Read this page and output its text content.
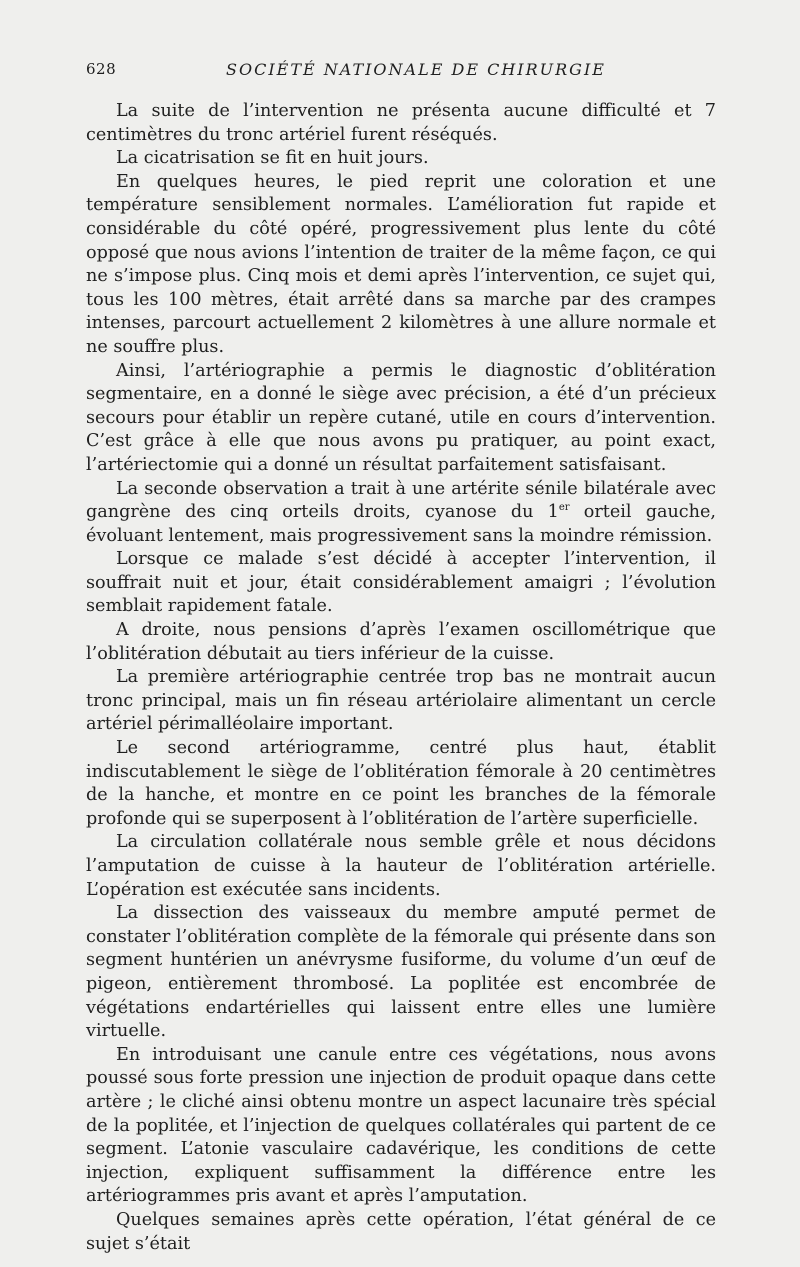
628	SOCIÉTÉ NATIONALE DE CHIRURGIE

La suite de l’intervention ne présenta aucune difficulté et 7 centimètres du tronc artériel furent réséqués.

La cicatrisation se fit en huit jours.

En quelques heures, le pied reprit une coloration et une température sensiblement normales. L’amélioration fut rapide et considérable du côté opéré, progressivement plus lente du côté opposé que nous avions l’intention de traiter de la même façon, ce qui ne s’impose plus. Cinq mois et demi après l’intervention, ce sujet qui, tous les 100 mètres, était arrêté dans sa marche par des crampes intenses, parcourt actuellement 2 kilomètres à une allure normale et ne souffre plus.

Ainsi, l’artériographie a permis le diagnostic d’oblitération segmentaire, en a donné le siège avec précision, a été d’un précieux secours pour établir un repère cutané, utile en cours d’intervention. C’est grâce à elle que nous avons pu pratiquer, au point exact, l’artériectomie qui a donné un résultat parfaitement satisfaisant.

La seconde observation a trait à une artérite sénile bilatérale avec gangrène des cinq orteils droits, cyanose du 1er orteil gauche, évoluant lentement, mais progressivement sans la moindre rémission.

Lorsque ce malade s’est décidé à accepter l’intervention, il souffrait nuit et jour, était considérablement amaigri ; l’évolution semblait rapidement fatale.

A droite, nous pensions d’après l’examen oscillométrique que l’oblitération débutait au tiers inférieur de la cuisse.

La première artériographie centrée trop bas ne montrait aucun tronc principal, mais un fin réseau artériolaire alimentant un cercle artériel périmalléolaire important.

Le second artériogramme, centré plus haut, établit indiscutablement le siège de l’oblitération fémorale à 20 centimètres de la hanche, et montre en ce point les branches de la fémorale profonde qui se superposent à l’oblitération de l’artère superficielle.

La circulation collatérale nous semble grêle et nous décidons l’amputation de cuisse à la hauteur de l’oblitération artérielle. L’opération est exécutée sans incidents.

La dissection des vaisseaux du membre amputé permet de constater l’oblitération complète de la fémorale qui présente dans son segment huntérien un anévrysme fusiforme, du volume d’un œuf de pigeon, entièrement thrombosé. La poplitée est encombrée de végétations endartérielles qui laissent entre elles une lumière virtuelle.

En introduisant une canule entre ces végétations, nous avons poussé sous forte pression une injection de produit opaque dans cette artère ; le cliché ainsi obtenu montre un aspect lacunaire très spécial de la poplitée, et l’injection de quelques collatérales qui partent de ce segment. L’atonie vasculaire cadavérique, les conditions de cette injection, expliquent suffisamment la différence entre les artériogrammes pris avant et après l’amputation.

Quelques semaines après cette opération, l’état général de ce sujet s’était
